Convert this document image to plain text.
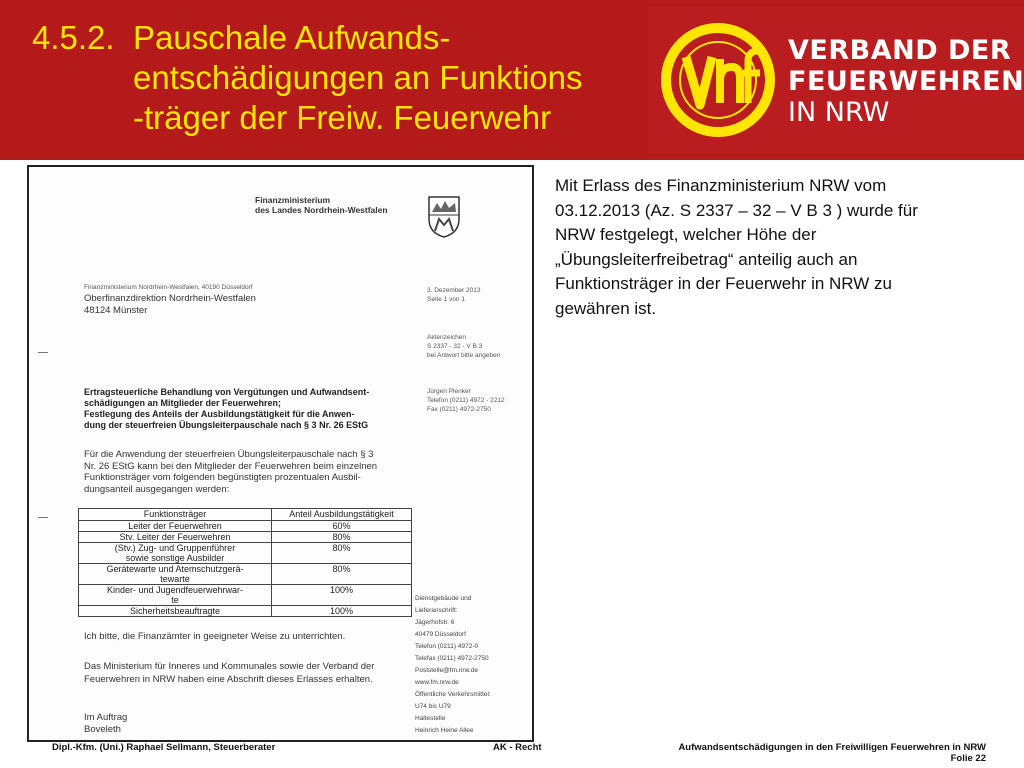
4.5.2. Pauschale Aufwands-
entschädigungen an Funktions
-träger der Freiw. Feuerwehr
vdf
VERBAND DER
FEUERWEHREN
IN NRW
Finanzministerium
des Landes Nordrhein-Westfalen
Finanzministerium Nordrhein-Westfalen, 40190 Düsseldorf
Oberfinanzdirektion Nordrhein-Westfalen
48124 Münster
3. Dezember 2013
Seite 1 von 1
Aktenzeichen
S 2337 - 32 - V B 3
bei Antwort bitte angeben
Jürgen Plenker
Telefon (0211) 4972 - 2212
Fax (0211) 4972-2750
Ertragsteuerliche Behandlung von Vergütungen und Aufwandsent-
schädigungen an Mitglieder der Feuerwehren;
Festlegung des Anteils der Ausbildungstätigkeit für die Anwen-
dung der steuerfreien Übungsleiterpauschale nach § 3 Nr. 26 EStG
Für die Anwendung der steuerfreien Übungsleiterpauschale nach § 3
Nr. 26 EStG kann bei den Mitglieder der Feuerwehren beim einzelnen
Funktionsträger vom folgenden begünstigten prozentualen Ausbil-
dungsanteil ausgegangen werden:
Funktionsträger	Anteil Ausbildungstätigkeit
Leiter der Feuerwehren	60%
Stv. Leiter der Feuerwehren	80%

(Stv.) Zug- und Gruppenführer
sowie sonstige Ausbilder	80%

Gerätewarte und Atemschutzgerä-
tewarte	80%

Kinder- und Jugendfeuerwehrwar-
te	100%
Sicherheitsbeauftragte	100%
Dienstgebäude und
Lieferanschrift:
Jägerhofstr. 6
40479 Düsseldorf
Telefon (0211) 4972-0
Telefax (0211) 4972-2750
Poststelle@fm.nrw.de
www.fm.nrw.de
Öffentliche Verkehrsmittel:
U74 bis U79
Haltestelle
Heinrich Heine Allee
Ich bitte, die Finanzämter in geeigneter Weise zu unterrichten.
Das Ministerium für Inneres und Kommunales sowie der Verband der
Feuerwehren in NRW haben eine Abschrift dieses Erlasses erhalten.
Im Auftrag
Boveleth
Mit Erlass des Finanzministerium NRW vom
03.12.2013 (Az. S 2337 – 32 – V B 3 ) wurde für
NRW festgelegt, welcher Höhe der
„Übungsleiterfreibetrag“ anteilig auch an
Funktionsträger in der Feuerwehr in NRW zu
gewähren ist.
Dipl.-Kfm. (Uni.) Raphael Sellmann, Steuerberater	AK - Recht	Aufwandsentschädigungen in den Freiwilligen Feuerwehren in NRW
Folie 22
